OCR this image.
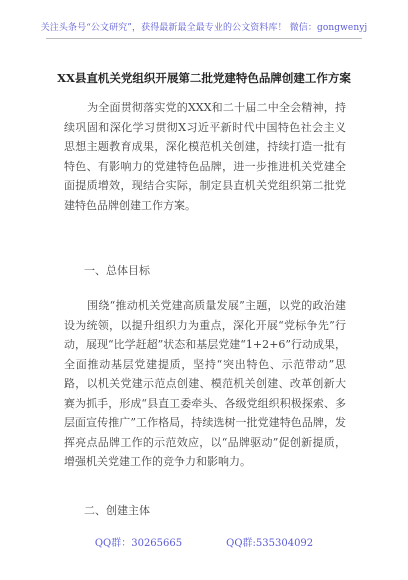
关注头条号“公文研究”，获得最新最全最专业的公文资料库！ 微信：gongwenyj
XX县直机关党组织开展第二批党建特色品牌创建工作方案

为全面贯彻落实党的XXX和二十届二中全会精神，持续巩固和深化学习贯彻X习近平新时代中国特色社会主义思想主题教育成果，深化模范机关创建，持续打造一批有特色、有影响力的党建特色品牌，进一步推进机关党建全面提质增效，现结合实际，制定县直机关党组织第二批党建特色品牌创建工作方案。

一、总体目标

围绕“推动机关党建高质量发展”主题，以党的政治建设为统领，以提升组织力为重点，深化开展“党标争先”行动，展现“比学赶超”状态和基层党建“1+2+6”行动成果，全面推动基层党建提质，坚持“突出特色、示范带动”思路，以机关党建示范点创建、模范机关创建、改革创新大赛为抓手，形成“县直工委牵头、各级党组织积极探索、多层面宣传推广”工作格局，持续选树一批党建特色品牌，发挥亮点品牌工作的示范效应，以“品牌驱动”促创新提质，增强机关党建工作的竞争力和影响力。

二、创建主体
QQ群：30265665	QQ群:535304092
